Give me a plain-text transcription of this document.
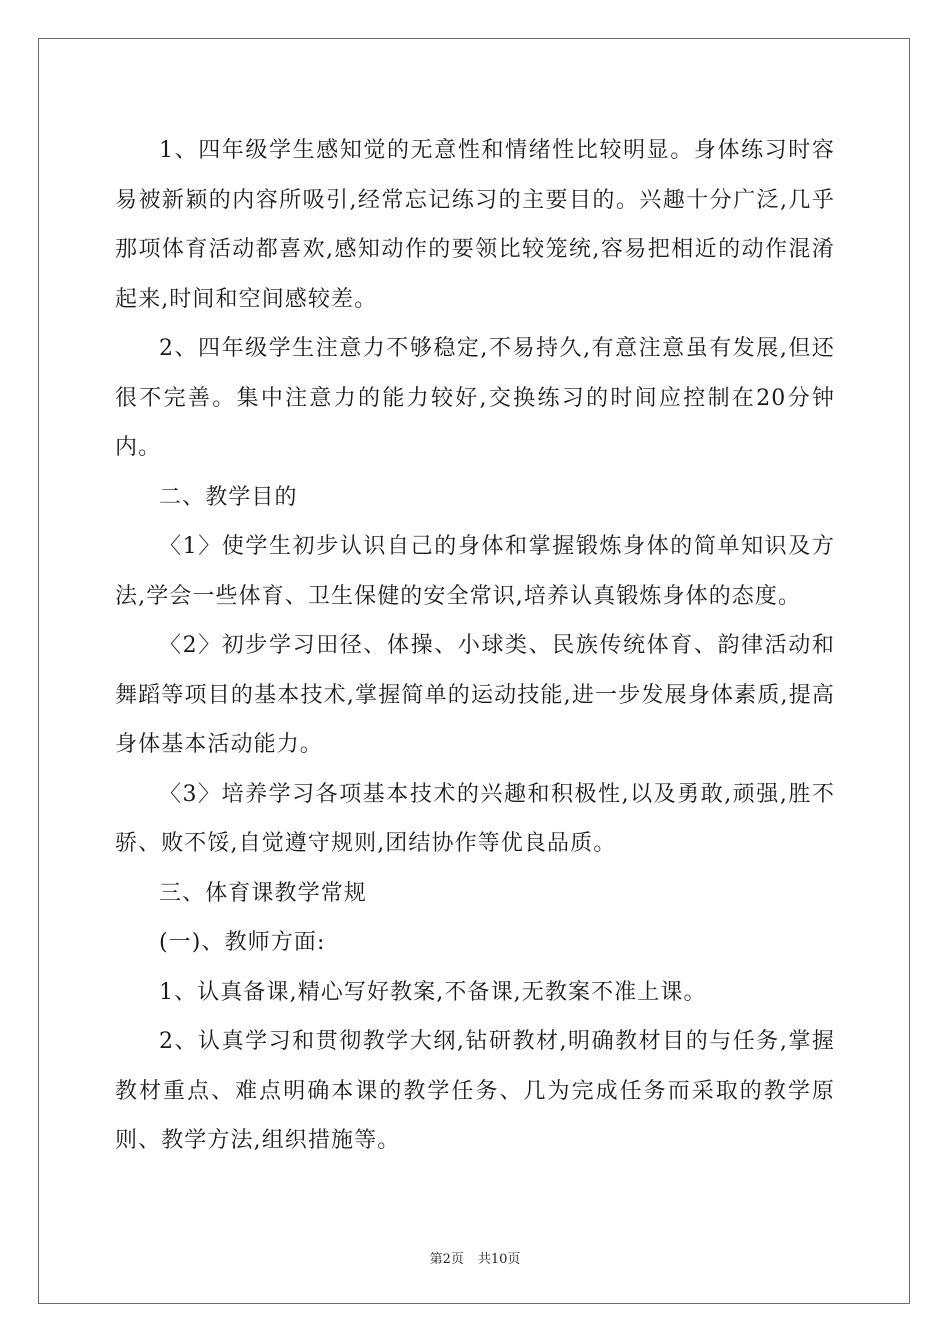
1、四年级学生感知觉的无意性和情绪性比较明显。身体练习时容易被新颖的内容所吸引,经常忘记练习的主要目的。兴趣十分广泛,几乎那项体育活动都喜欢,感知动作的要领比较笼统,容易把相近的动作混淆起来,时间和空间感较差。

2、四年级学生注意力不够稳定,不易持久,有意注意虽有发展,但还很不完善。集中注意力的能力较好,交换练习的时间应控制在20分钟内。

二、教学目的

〈1〉使学生初步认识自己的身体和掌握锻炼身体的简单知识及方法,学会一些体育、卫生保健的安全常识,培养认真锻炼身体的态度。

〈2〉初步学习田径、体操、小球类、民族传统体育、韵律活动和舞蹈等项目的基本技术,掌握简单的运动技能,进一步发展身体素质,提高身体基本活动能力。

〈3〉培养学习各项基本技术的兴趣和积极性,以及勇敢,顽强,胜不骄、败不馁,自觉遵守规则,团结协作等优良品质。

三、体育课教学常规

(一)、教师方面:

1、认真备课,精心写好教案,不备课,无教案不准上课。

2、认真学习和贯彻教学大纲,钻研教材,明确教材目的与任务,掌握教材重点、难点明确本课的教学任务、几为完成任务而采取的教学原则、教学方法,组织措施等。

第2页 共10页
